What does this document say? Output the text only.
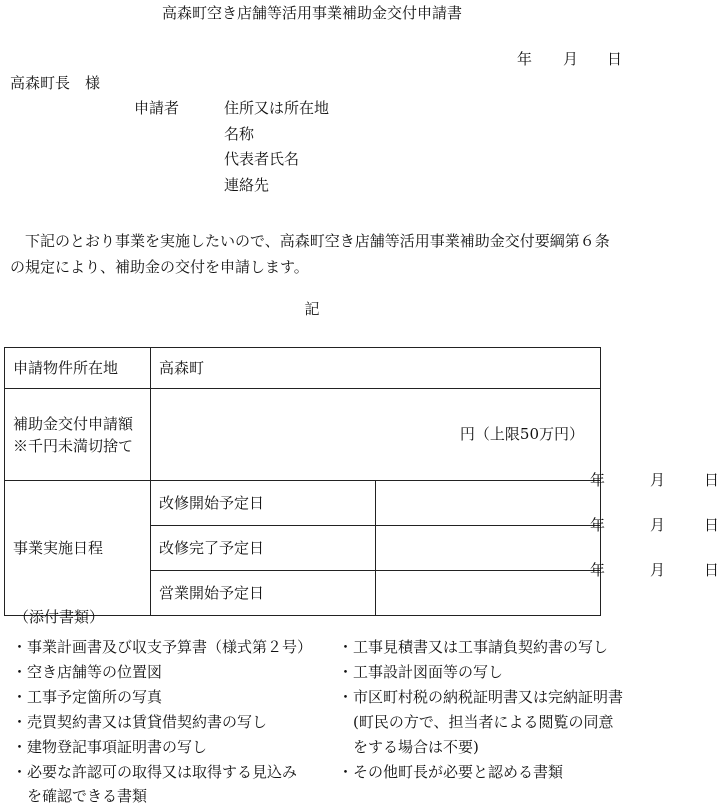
高森町空き店舗等活用事業補助金交付申請書
年 月 日
高森町長　様
申請者	住所又は所在地
名称
代表者氏名
連絡先
下記のとおり事業を実施したいので、高森町空き店舗等活用事業補助金交付要綱第６条の規定により、補助金の交付を申請します。
記
申請物件所在地	高森町	

補助金交付申請額
※千円未満切捨て	円（上限50万円）	
事業実施日程	改修開始予定日	年 月 日

	改修完了予定日	年 月 日

	営業開始予定日	年 月 日
（添付書類）
・事業計画書及び収支予算書（様式第２号）
・空き店舗等の位置図
・工事予定箇所の写真
・売買契約書又は賃貸借契約書の写し
・建物登記事項証明書の写し
・必要な許認可の取得又は取得する見込み
　を確認できる書類
・工事見積書又は工事請負契約書の写し
・工事設計図面等の写し
・市区町村税の納税証明書又は完納証明書
　(町民の方で、担当者による閲覧の同意
　をする場合は不要)
・その他町長が必要と認める書類
